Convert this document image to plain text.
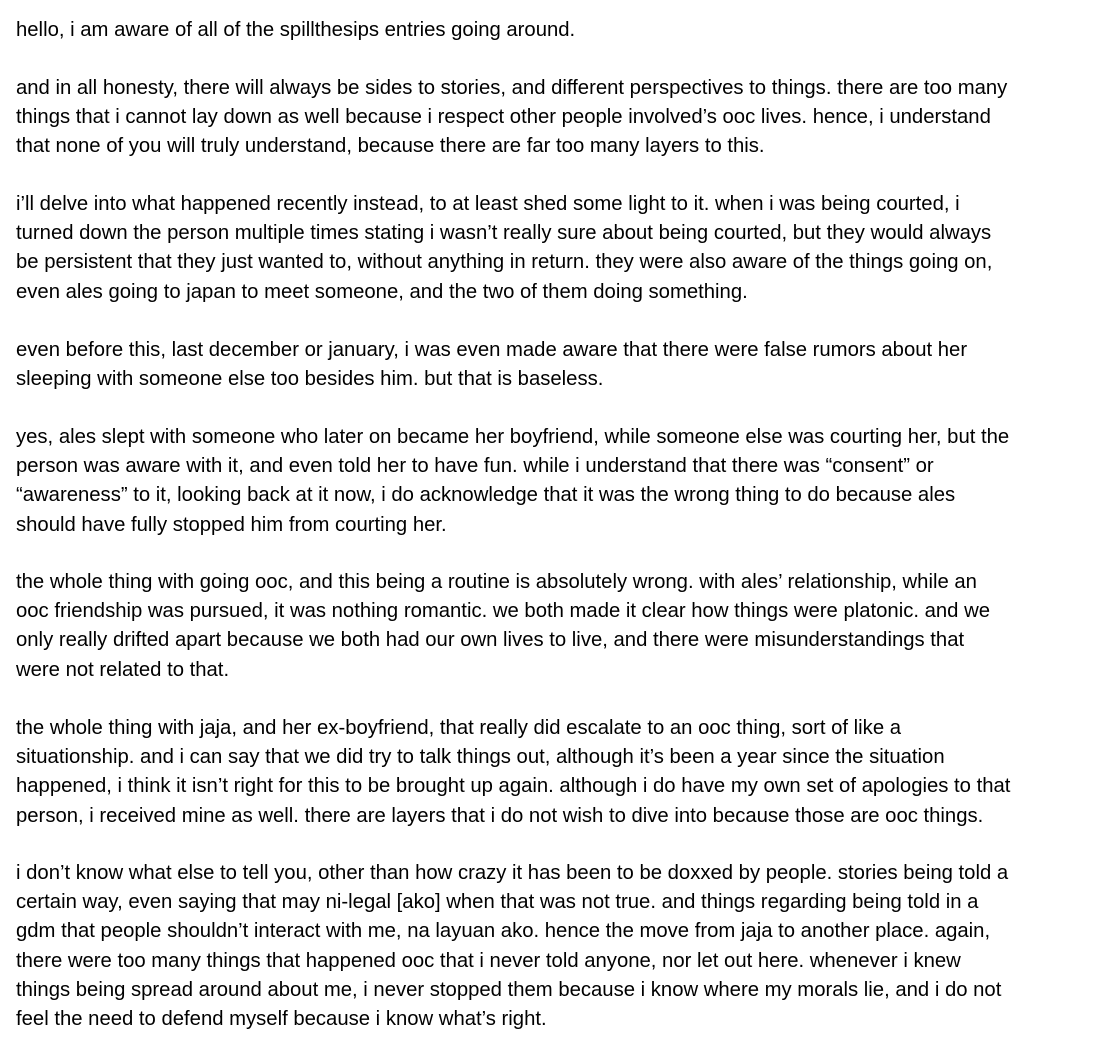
hello, i am aware of all of the spillthesips entries going around.

and in all honesty, there will always be sides to stories, and different perspectives to things. there are too many
things that i cannot lay down as well because i respect other people involved’s ooc lives. hence, i understand
that none of you will truly understand, because there are far too many layers to this.

i’ll delve into what happened recently instead, to at least shed some light to it. when i was being courted, i
turned down the person multiple times stating i wasn’t really sure about being courted, but they would always
be persistent that they just wanted to, without anything in return. they were also aware of the things going on,
even ales going to japan to meet someone, and the two of them doing something.

even before this, last december or january, i was even made aware that there were false rumors about her
sleeping with someone else too besides him. but that is baseless.

yes, ales slept with someone who later on became her boyfriend, while someone else was courting her, but the
person was aware with it, and even told her to have fun. while i understand that there was “consent” or
“awareness” to it, looking back at it now, i do acknowledge that it was the wrong thing to do because ales
should have fully stopped him from courting her.

the whole thing with going ooc, and this being a routine is absolutely wrong. with ales’ relationship, while an
ooc friendship was pursued, it was nothing romantic. we both made it clear how things were platonic. and we
only really drifted apart because we both had our own lives to live, and there were misunderstandings that
were not related to that.

the whole thing with jaja, and her ex-boyfriend, that really did escalate to an ooc thing, sort of like a
situationship. and i can say that we did try to talk things out, although it’s been a year since the situation
happened, i think it isn’t right for this to be brought up again. although i do have my own set of apologies to that
person, i received mine as well. there are layers that i do not wish to dive into because those are ooc things.

i don’t know what else to tell you, other than how crazy it has been to be doxxed by people. stories being told a
certain way, even saying that may ni-legal [ako] when that was not true. and things regarding being told in a
gdm that people shouldn’t interact with me, na layuan ako. hence the move from jaja to another place. again,
there were too many things that happened ooc that i never told anyone, nor let out here. whenever i knew
things being spread around about me, i never stopped them because i know where my morals lie, and i do not
feel the need to defend myself because i know what’s right.
